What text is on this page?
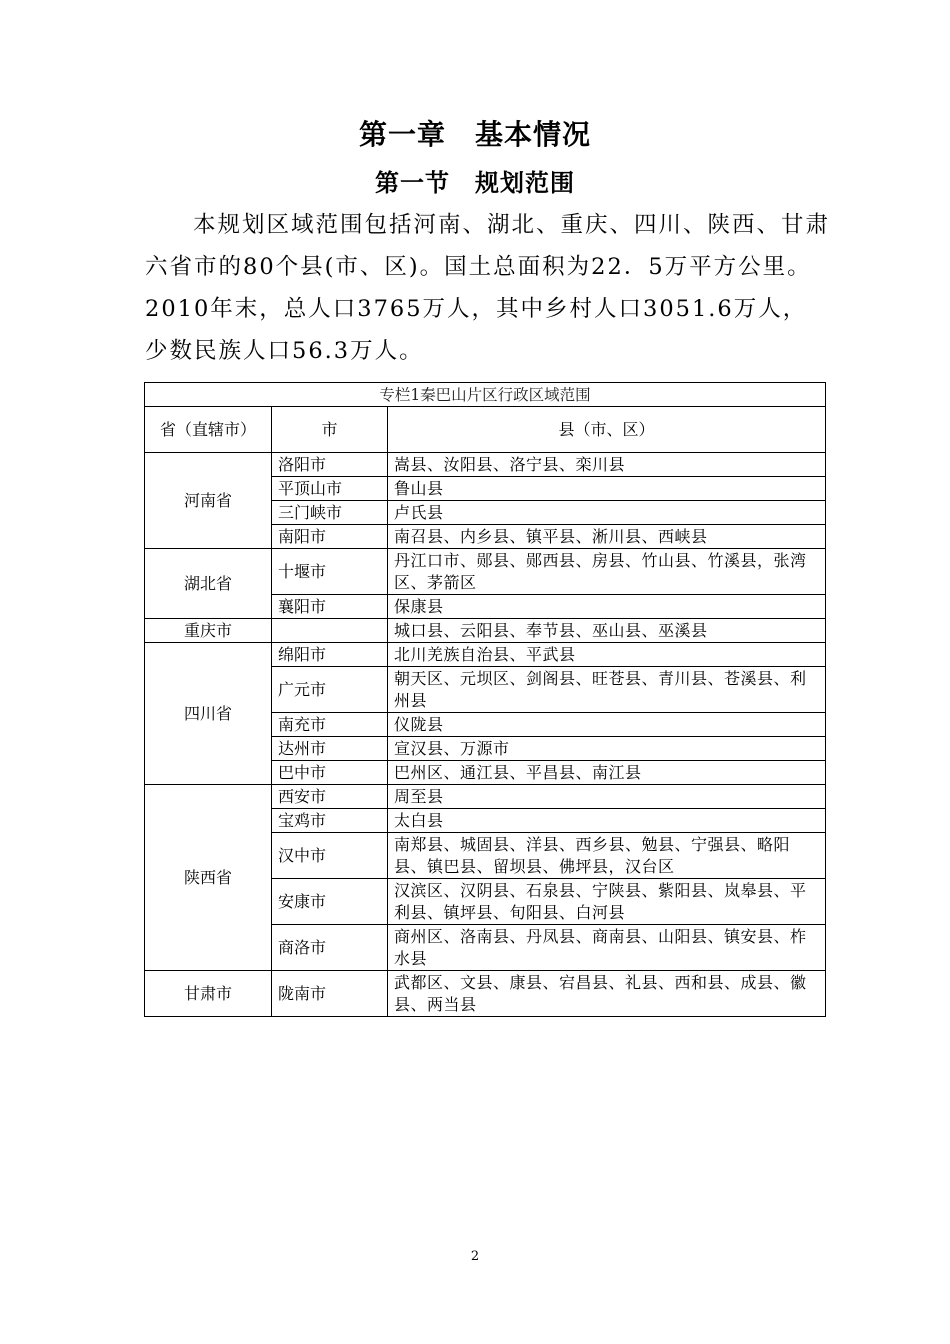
第一章　基本情况
第一节　规划范围

本规划区域范围包括河南、湖北、重庆、四川、陕西、甘肃六省市的80个县(市、区)。国土总面积为22．5万平方公里。2010年末，总人口3765万人，其中乡村人口3051.6万人，少数民族人口56.3万人。

专栏1秦巴山片区行政区域范围		
省（直辖市）	市	县（市、区）
河南省	洛阳市	嵩县、汝阳县、洛宁县、栾川县
	平顶山市	鲁山县
	三门峡市	卢氏县
	南阳市	南召县、内乡县、镇平县、淅川县、西峡县
湖北省	十堰市	丹江口市、郧县、郧西县、房县、竹山县、竹溪县，张湾区、茅箭区
	襄阳市	保康县
重庆市		城口县、云阳县、奉节县、巫山县、巫溪县
四川省	绵阳市	北川羌族自治县、平武县
	广元市	朝天区、元坝区、剑阁县、旺苍县、青川县、苍溪县、利州县
	南充市	仪陇县
	达州市	宣汉县、万源市
	巴中市	巴州区、通江县、平昌县、南江县
陕西省	西安市	周至县
	宝鸡市	太白县
	汉中市	南郑县、城固县、洋县、西乡县、勉县、宁强县、略阳县、镇巴县、留坝县、佛坪县，汉台区
	安康市	汉滨区、汉阴县、石泉县、宁陕县、紫阳县、岚皋县、平利县、镇坪县、旬阳县、白河县
	商洛市	商州区、洛南县、丹凤县、商南县、山阳县、镇安县、柞水县
甘肃市	陇南市	武都区、文县、康县、宕昌县、礼县、西和县、成县、徽县、两当县
2
